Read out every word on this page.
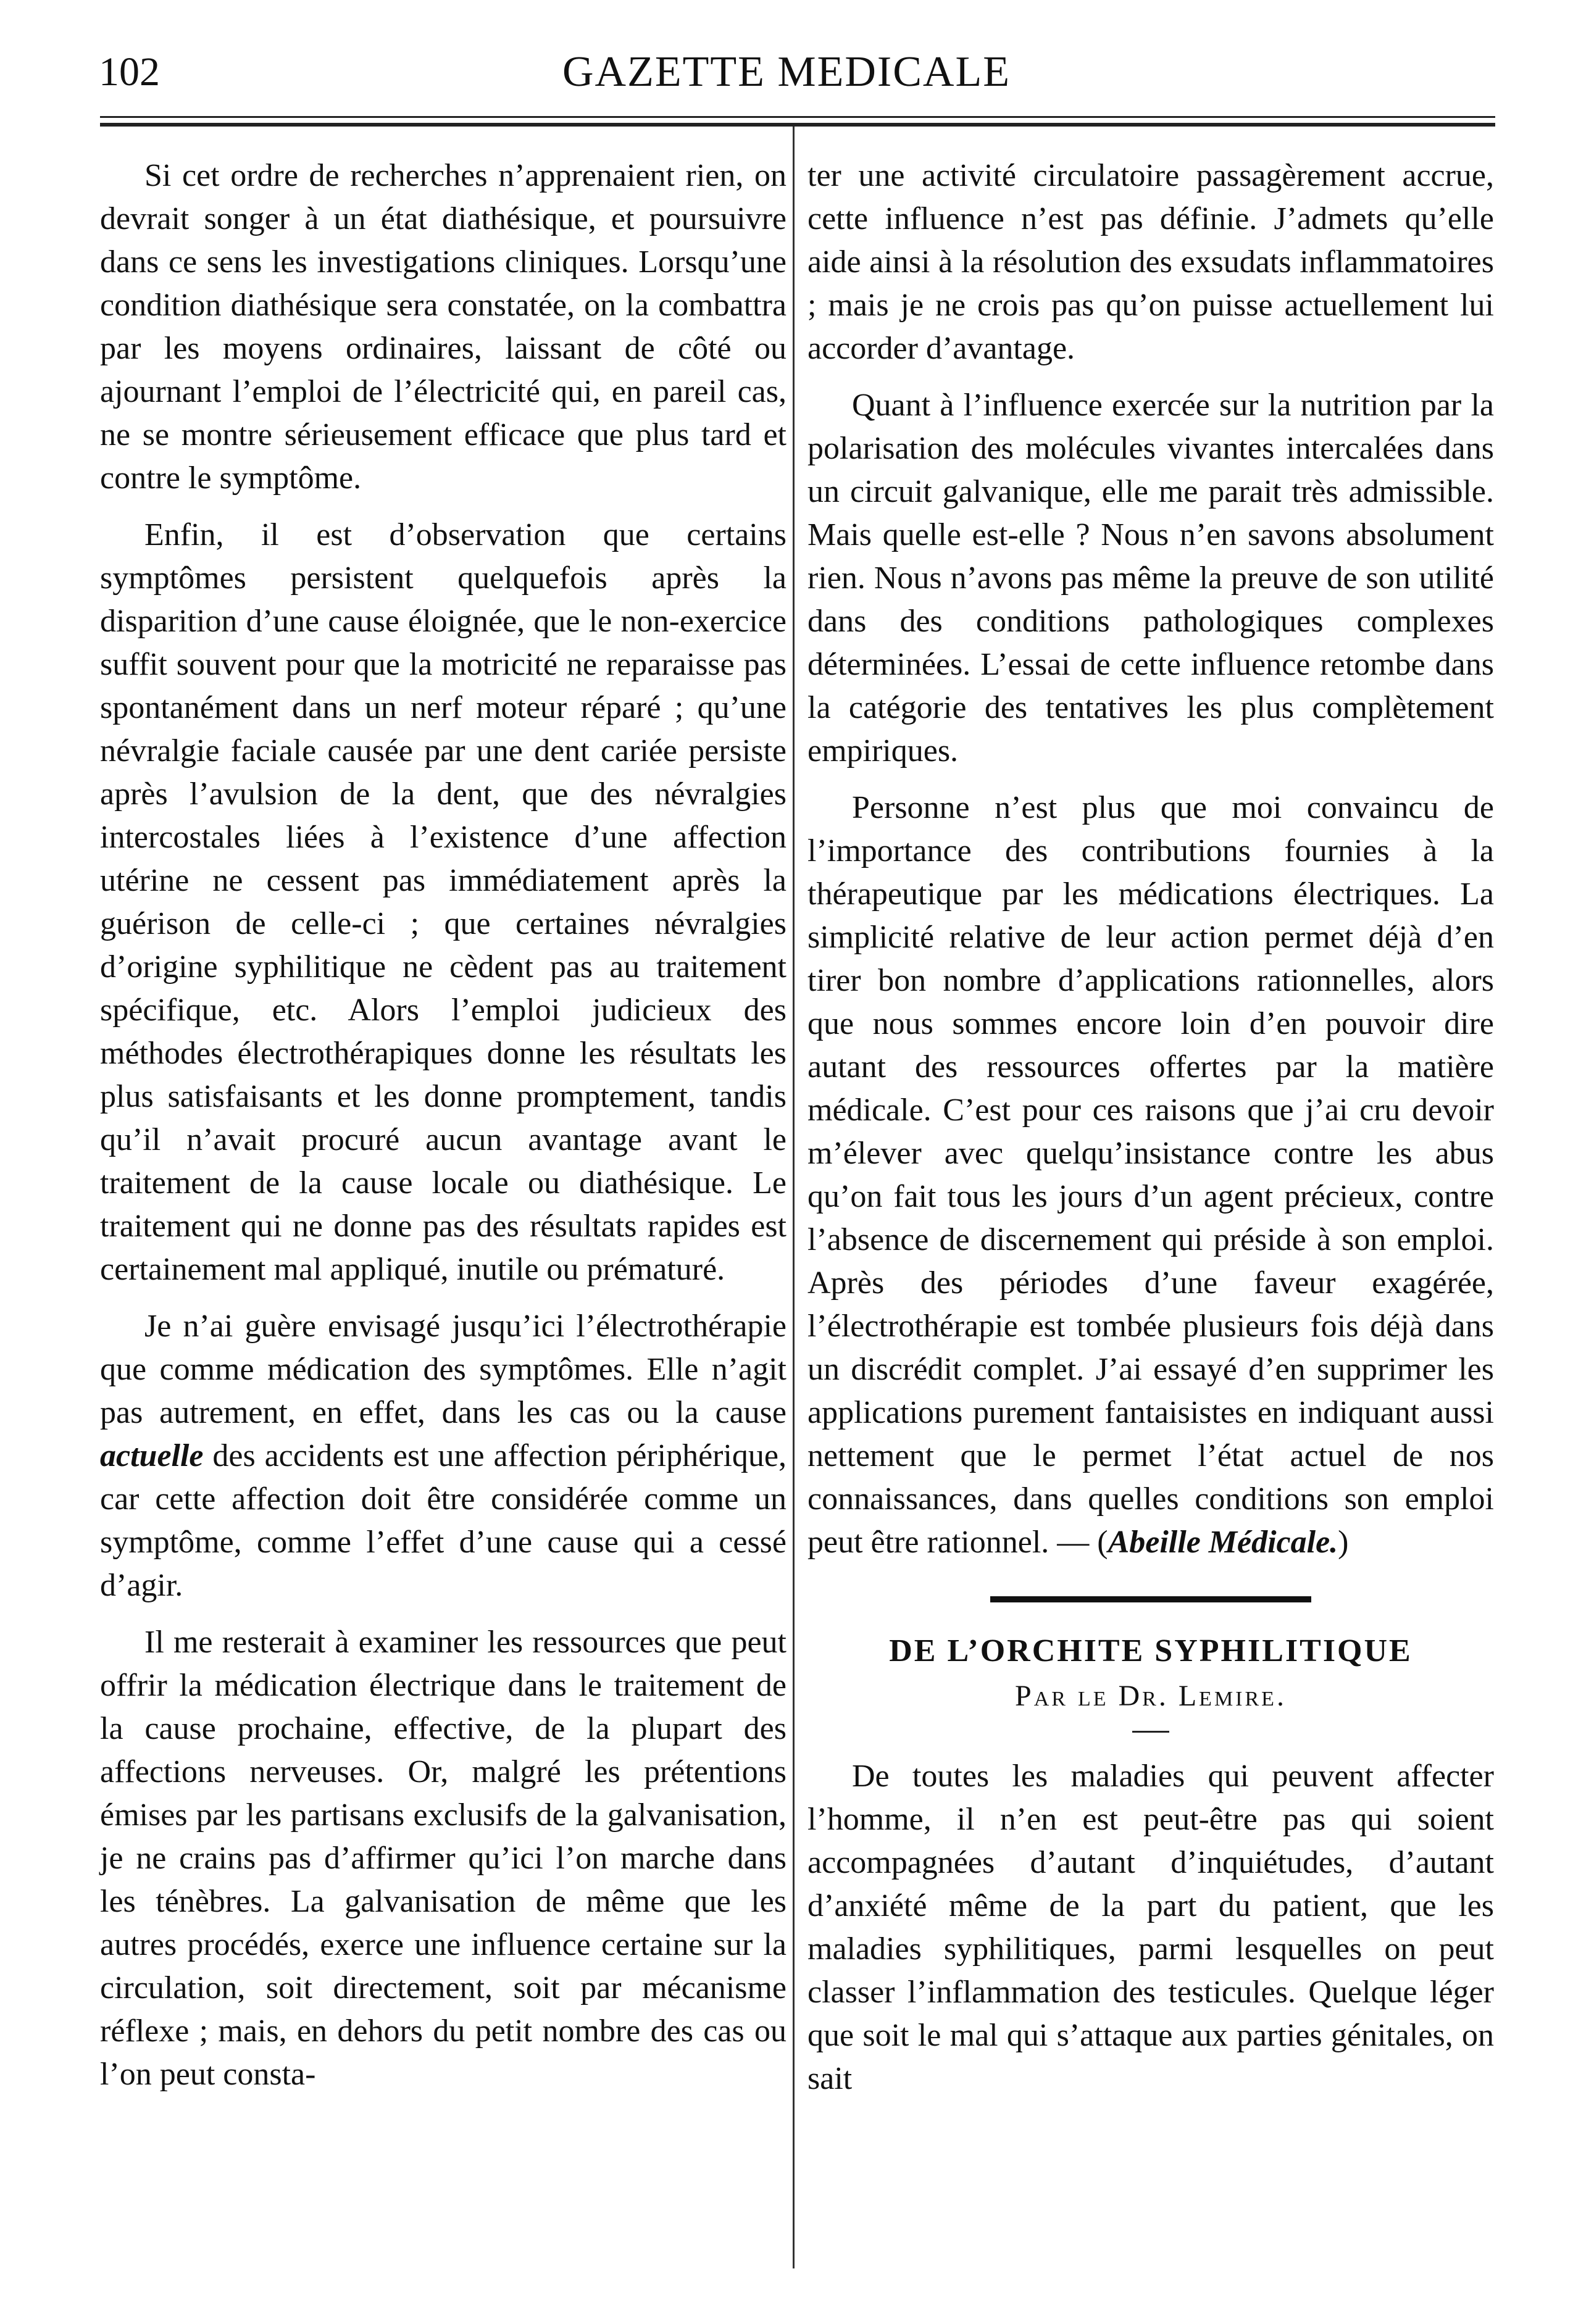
102	GAZETTE MEDICALE

Si cet ordre de recherches n’apprenaient rien, on devrait songer à un état diathésique, et poursuivre dans ce sens les investigations cliniques. Lorsqu’une condition diathésique sera constatée, on la combattra par les moyens ordinaires, laissant de côté ou ajournant l’emploi de l’électricité qui, en pareil cas, ne se montre sérieusement efficace que plus tard et contre le symptôme.

Enfin, il est d’observation que certains symptômes persistent quelquefois après la disparition d’une cause éloignée, que le non-exercice suffit souvent pour que la motricité ne reparaisse pas spontanément dans un nerf moteur réparé ; qu’une névralgie faciale causée par une dent cariée persiste après l’avulsion de la dent, que des névralgies intercostales liées à l’existence d’une affection utérine ne cessent pas immédiatement après la guérison de celle-ci ; que certaines névralgies d’origine syphilitique ne cèdent pas au traitement spécifique, etc. Alors l’emploi judicieux des méthodes électrothérapiques donne les résultats les plus satisfaisants et les donne promptement, tandis qu’il n’avait procuré aucun avantage avant le traitement de la cause locale ou diathésique. Le traitement qui ne donne pas des résultats rapides est certainement mal appliqué, inutile ou prématuré.

Je n’ai guère envisagé jusqu’ici l’électrothérapie que comme médication des symptômes. Elle n’agit pas autrement, en effet, dans les cas ou la cause actuelle des accidents est une affection périphérique, car cette affection doit être considérée comme un symptôme, comme l’effet d’une cause qui a cessé d’agir.

Il me resterait à examiner les ressources que peut offrir la médication électrique dans le traitement de la cause prochaine, effective, de la plupart des affections nerveuses. Or, malgré les prétentions émises par les partisans exclusifs de la galvanisation, je ne crains pas d’affirmer qu’ici l’on marche dans les ténèbres. La galvanisation de même que les autres procédés, exerce une influence certaine sur la circulation, soit directement, soit par mécanisme réflexe ; mais, en dehors du petit nombre des cas ou l’on peut consta-

ter une activité circulatoire passagèrement accrue, cette influence n’est pas définie. J’admets qu’elle aide ainsi à la résolution des exsudats inflammatoires ; mais je ne crois pas qu’on puisse actuellement lui accorder d’avantage.

Quant à l’influence exercée sur la nutrition par la polarisation des molécules vivantes intercalées dans un circuit galvanique, elle me parait très admissible. Mais quelle est-elle ? Nous n’en savons absolument rien. Nous n’avons pas même la preuve de son utilité dans des conditions pathologiques complexes déterminées. L’essai de cette influence retombe dans la catégorie des tentatives les plus complètement empiriques.

Personne n’est plus que moi convaincu de l’importance des contributions fournies à la thérapeutique par les médications électriques. La simplicité relative de leur action permet déjà d’en tirer bon nombre d’applications rationnelles, alors que nous sommes encore loin d’en pouvoir dire autant des ressources offertes par la matière médicale. C’est pour ces raisons que j’ai cru devoir m’élever avec quelqu’insistance contre les abus qu’on fait tous les jours d’un agent précieux, contre l’absence de discernement qui préside à son emploi. Après des périodes d’une faveur exagérée, l’électrothérapie est tombée plusieurs fois déjà dans un discrédit complet. J’ai essayé d’en supprimer les applications purement fantaisistes en indiquant aussi nettement que le permet l’état actuel de nos connaissances, dans quelles conditions son emploi peut être rationnel. — (Abeille Médicale.)

DE L’ORCHITE SYPHILITIQUE
Par le Dr. Lemire.

De toutes les maladies qui peuvent affecter l’homme, il n’en est peut-être pas qui soient accompagnées d’autant d’inquiétudes, d’autant d’anxiété même de la part du patient, que les maladies syphilitiques, parmi lesquelles on peut classer l’inflammation des testicules. Quelque léger que soit le mal qui s’attaque aux parties génitales, on sait
